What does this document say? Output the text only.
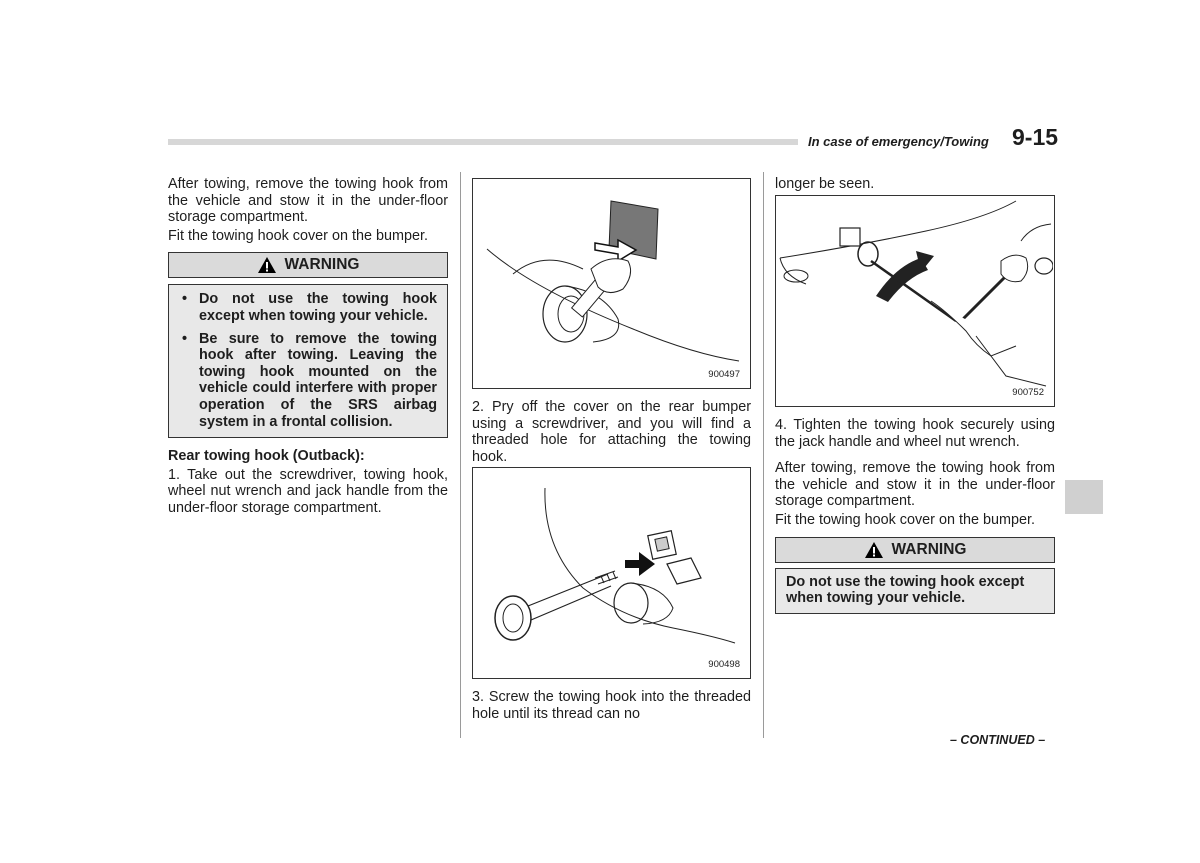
In case of emergency/Towing 9-15

After towing, remove the towing hook from the vehicle and stow it in the under-floor storage compartment.

Fit the towing hook cover on the bumper.

WARNING
• Do not use the towing hook except when towing your vehicle.
• Be sure to remove the towing hook after towing. Leaving the towing hook mounted on the vehicle could interfere with proper operation of the SRS airbag system in a frontal collision.

Rear towing hook (Outback):

1. Take out the screwdriver, towing hook, wheel nut wrench and jack handle from the under-floor storage compartment.

900497

2. Pry off the cover on the rear bumper using a screwdriver, and you will find a threaded hole for attaching the towing hook.

900498

3. Screw the towing hook into the threaded hole until its thread can no

longer be seen.

900752

4. Tighten the towing hook securely using the jack handle and wheel nut wrench.

After towing, remove the towing hook from the vehicle and stow it in the under-floor storage compartment.

Fit the towing hook cover on the bumper.

WARNING
Do not use the towing hook except when towing your vehicle.
– CONTINUED –
